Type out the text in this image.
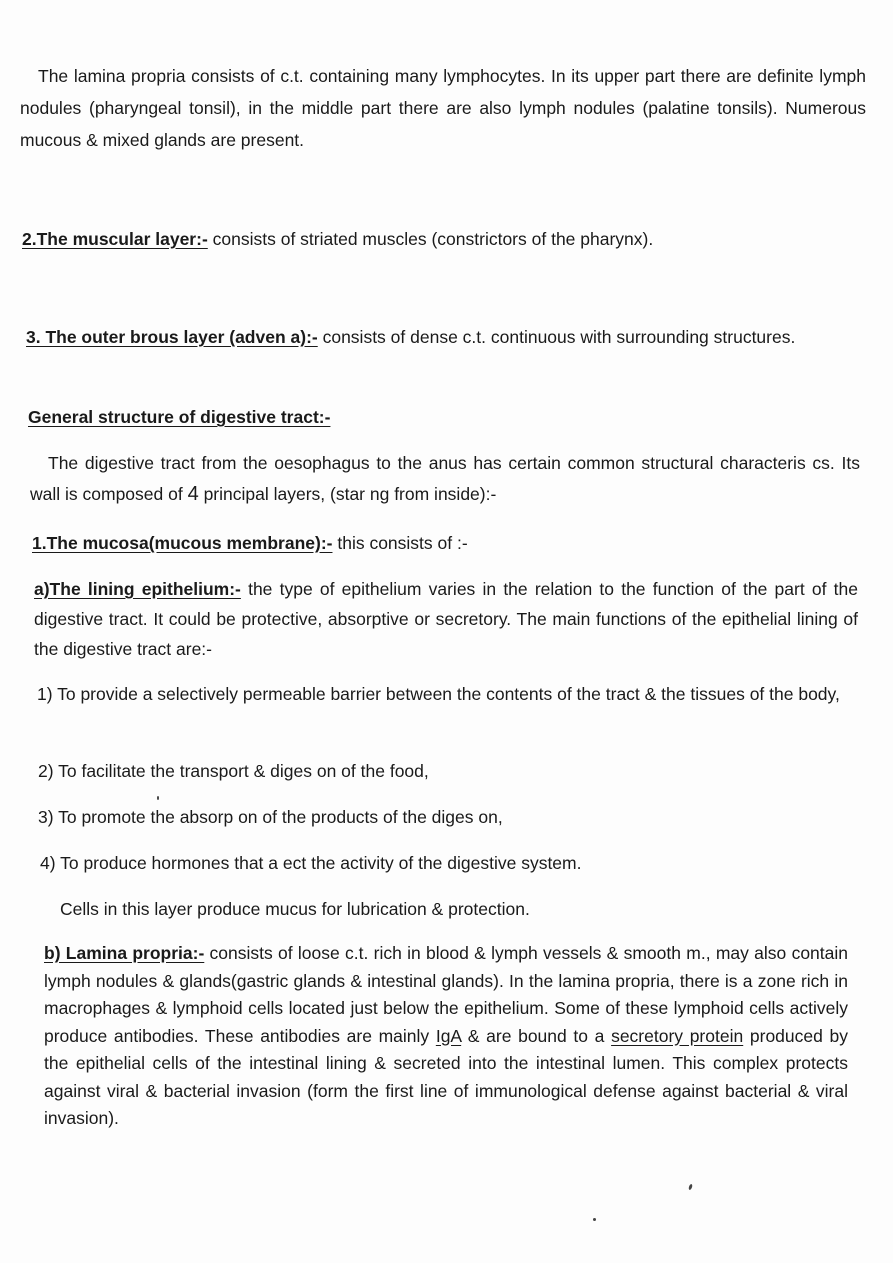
The lamina propria consists of c.t. containing many lymphocytes. In its upper part there are definite lymph nodules (pharyngeal tonsil), in the middle part there are also lymph nodules (palatine tonsils). Numerous mucous & mixed glands are present.

2.The muscular layer:- consists of striated muscles (constrictors of the pharynx).

3. The outer brous layer (adven a):- consists of dense c.t. continuous with surrounding structures.

General structure of digestive tract:-

The digestive tract from the oesophagus to the anus has certain common structural characteris cs. Its wall is composed of 4 principal layers, (star ng from inside):-

1.The mucosa(mucous membrane):- this consists of :-

a)The lining epithelium:- the type of epithelium varies in the relation to the function of the part of the digestive tract. It could be protective, absorptive or secretory. The main functions of the epithelial lining of the digestive tract are:-

1) To provide a selectively permeable barrier between the contents of the tract & the tissues of the body,

2) To facilitate the transport & diges on of the food,

3) To promote the absorp on of the products of the diges on,

4) To produce hormones that a ect the activity of the digestive system.

Cells in this layer produce mucus for lubrication & protection.

b) Lamina propria:- consists of loose c.t. rich in blood & lymph vessels & smooth m., may also contain lymph nodules & glands(gastric glands & intestinal glands). In the lamina propria, there is a zone rich in macrophages & lymphoid cells located just below the epithelium. Some of these lymphoid cells actively produce antibodies. These antibodies are mainly IgA & are bound to a secretory protein produced by the epithelial cells of the intestinal lining & secreted into the intestinal lumen. This complex protects against viral & bacterial invasion (form the first line of immunological defense against bacterial & viral invasion).
